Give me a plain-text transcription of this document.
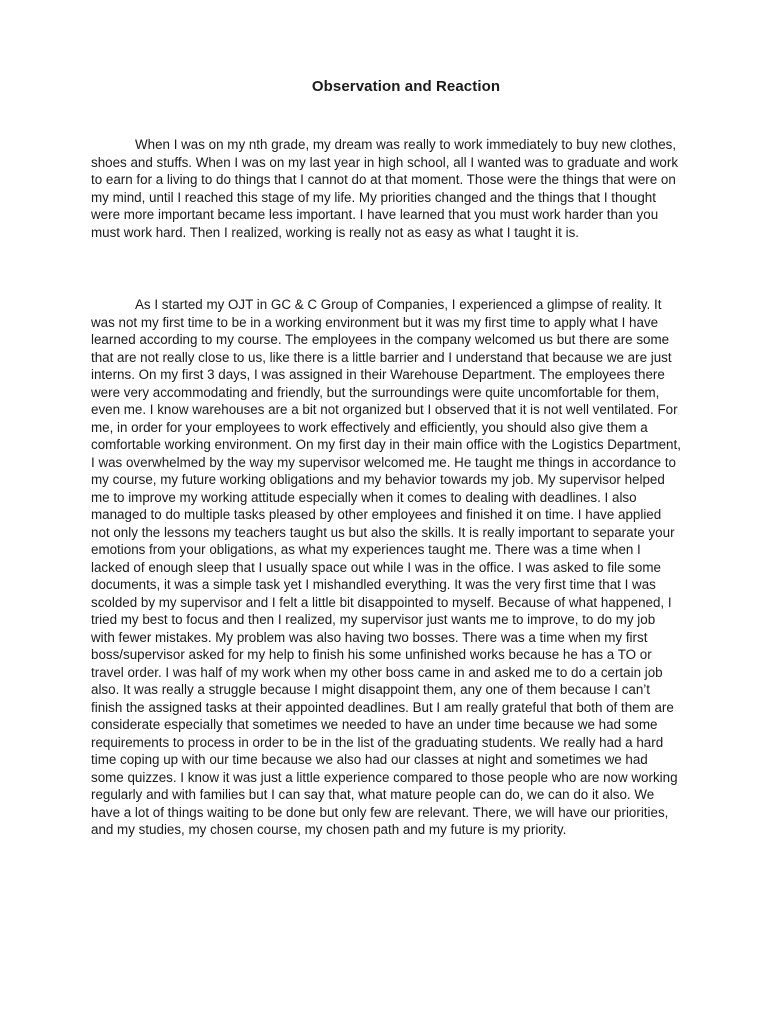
Observation and Reaction

When I was on my nth grade, my dream was really to work immediately to buy new clothes, shoes and stuffs. When I was on my last year in high school, all I wanted was to graduate and work to earn for a living to do things that I cannot do at that moment. Those were the things that were on my mind, until I reached this stage of my life. My priorities changed and the things that I thought were more important became less important. I have learned that you must work harder than you must work hard. Then I realized, working is really not as easy as what I taught it is.

As I started my OJT in GC & C Group of Companies, I experienced a glimpse of reality. It was not my first time to be in a working environment but it was my first time to apply what I have learned according to my course. The employees in the company welcomed us but there are some that are not really close to us, like there is a little barrier and I understand that because we are just interns. On my first 3 days, I was assigned in their Warehouse Department. The employees there were very accommodating and friendly, but the surroundings were quite uncomfortable for them, even me. I know warehouses are a bit not organized but I observed that it is not well ventilated. For me, in order for your employees to work effectively and efficiently, you should also give them a comfortable working environment. On my first day in their main office with the Logistics Department, I was overwhelmed by the way my supervisor welcomed me. He taught me things in accordance to my course, my future working obligations and my behavior towards my job. My supervisor helped me to improve my working attitude especially when it comes to dealing with deadlines. I also managed to do multiple tasks pleased by other employees and finished it on time. I have applied not only the lessons my teachers taught us but also the skills. It is really important to separate your emotions from your obligations, as what my experiences taught me. There was a time when I lacked of enough sleep that I usually space out while I was in the office. I was asked to file some documents, it was a simple task yet I mishandled everything. It was the very first time that I was scolded by my supervisor and I felt a little bit disappointed to myself. Because of what happened, I tried my best to focus and then I realized, my supervisor just wants me to improve, to do my job with fewer mistakes. My problem was also having two bosses. There was a time when my first boss/supervisor asked for my help to finish his some unfinished works because he has a TO or travel order. I was half of my work when my other boss came in and asked me to do a certain job also. It was really a struggle because I might disappoint them, any one of them because I can’t finish the assigned tasks at their appointed deadlines. But I am really grateful that both of them are considerate especially that sometimes we needed to have an under time because we had some requirements to process in order to be in the list of the graduating students. We really had a hard time coping up with our time because we also had our classes at night and sometimes we had some quizzes. I know it was just a little experience compared to those people who are now working regularly and with families but I can say that, what mature people can do, we can do it also. We have a lot of things waiting to be done but only few are relevant. There, we will have our priorities, and my studies, my chosen course, my chosen path and my future is my priority.
